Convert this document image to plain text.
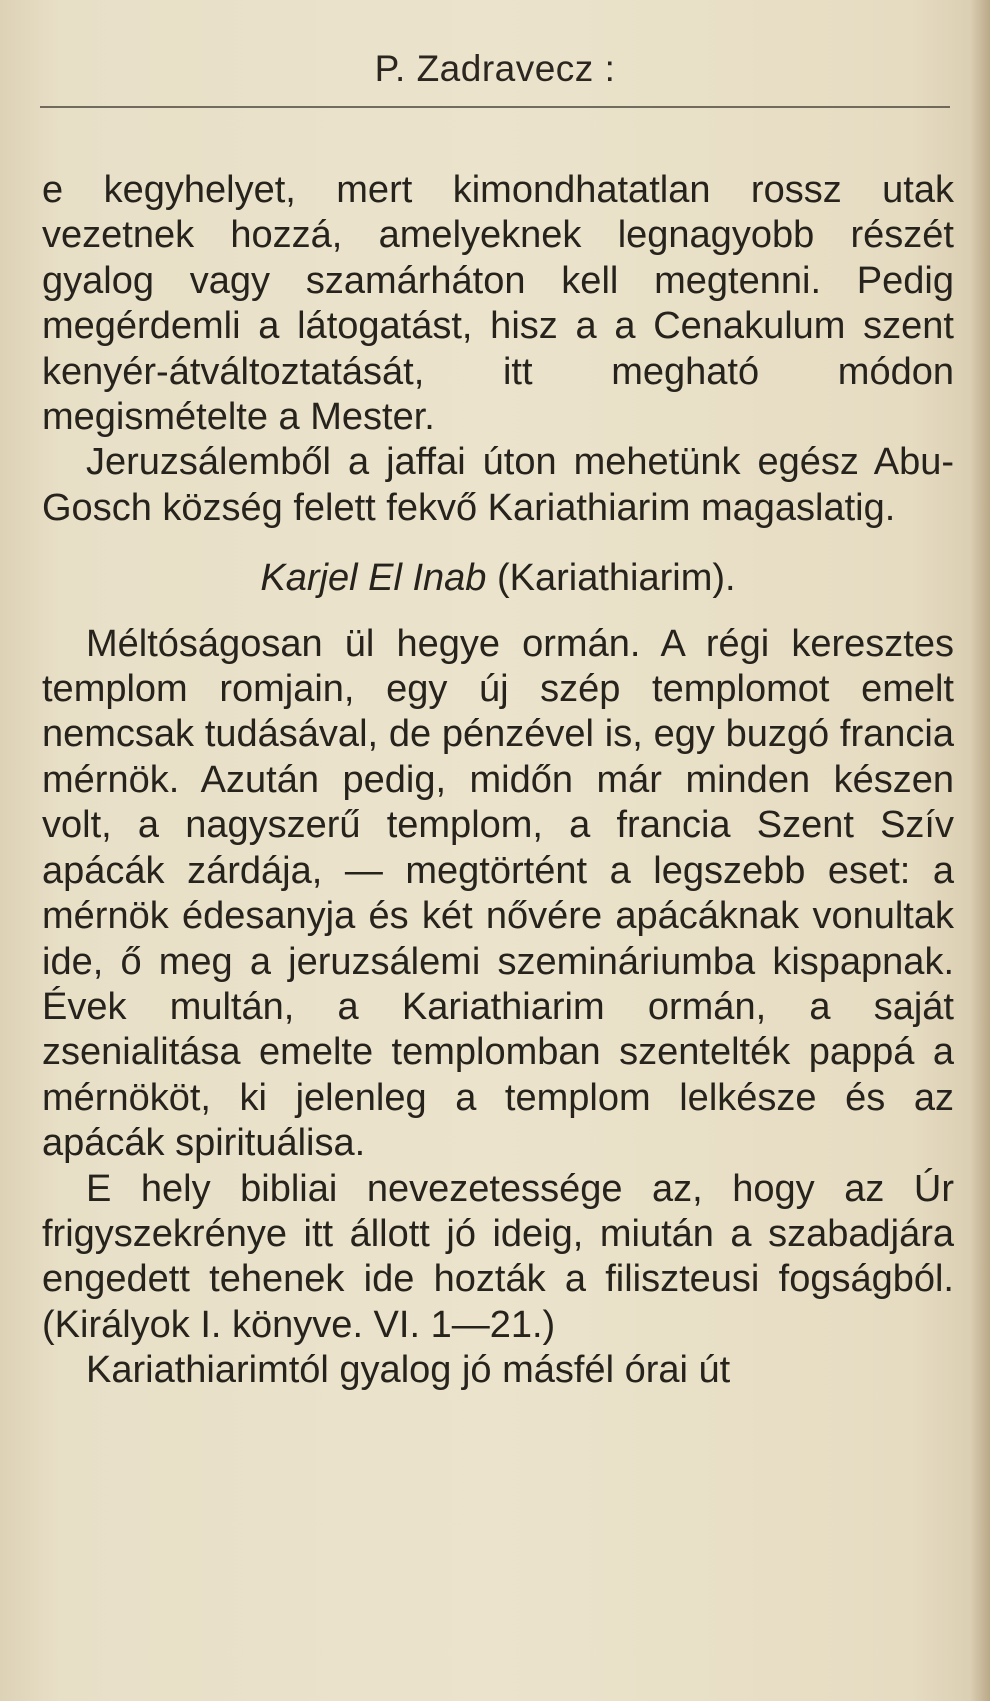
P. Zadravecz :

e kegyhelyet, mert kimondhatatlan rossz utak vezetnek hozzá, amelyeknek legnagyobb részét gyalog vagy szamárháton kell megtenni. Pedig megérdemli a látogatást, hisz a a Cenakulum szent kenyér-átváltoztatását, itt megható módon megismételte a Mester.

Jeruzsálemből a jaffai úton mehetünk egész Abu-Gosch község felett fekvő Kariathiarim magaslatig.

Karjel El Inab (Kariathiarim).

Méltóságosan ül hegye ormán. A régi keresztes templom romjain, egy új szép templomot emelt nemcsak tudásával, de pénzével is, egy buzgó francia mérnök. Azután pedig, midőn már minden készen volt, a nagyszerű templom, a francia Szent Szív apácák zárdája, — megtörtént a legszebb eset: a mérnök édesanyja és két nővére apácáknak vonultak ide, ő meg a jeruzsálemi szemináriumba kispapnak. Évek multán, a Kariathiarim ormán, a saját zsenialitása emelte templomban szentelték pappá a mérnököt, ki jelenleg a templom lelkésze és az apácák spirituálisa.

E hely bibliai nevezetessége az, hogy az Úr frigyszekrénye itt állott jó ideig, miután a szabadjára engedett tehenek ide hozták a filiszteusi fogságból. (Királyok I. könyve. VI. 1—21.)

Kariathiarimtól gyalog jó másfél órai út
